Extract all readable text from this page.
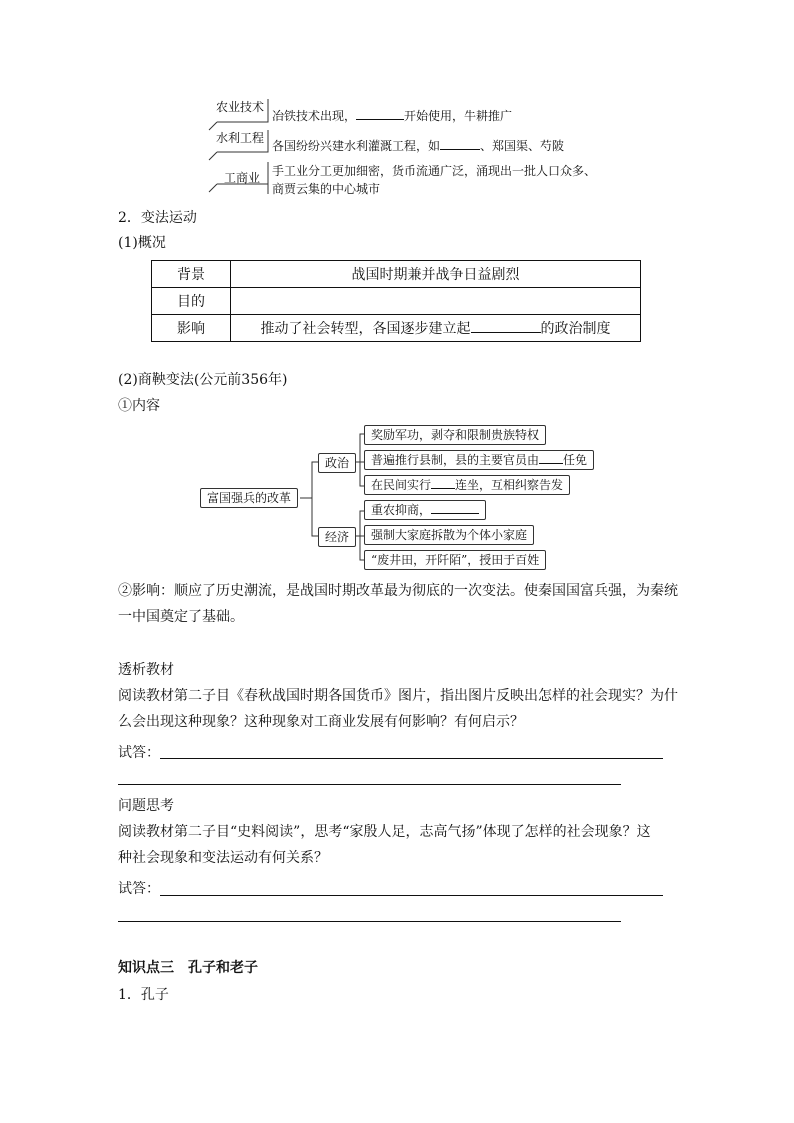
农业技术
冶铁技术出现，	开始使用，牛耕推广
水利工程
各国纷纷兴建水利灌溉工程，如	、郑国渠、芍陂
工商业 手工业分工更加细密，货币流通广泛，涌现出一批人口众多、
商贾云集的中心城市
2．变法运动
(1)概况
背景	战国时期兼并战争日益剧烈
目的	
影响	推动了社会转型，各国逐步建立起 的政治制度
(2)商鞅变法(公元前356年)
①内容
富国强兵的改革
政治
奖励军功，剥夺和限制贵族特权
普遍推行县制，县的主要官员由 任免
在民间实行 连坐，互相纠察告发
经济
重农抑商，
强制大家庭拆散为个体小家庭
“废井田，开阡陌”，授田于百姓
②影响：顺应了历史潮流，是战国时期改革最为彻底的一次变法。使秦国国富兵强，为秦统
一中国奠定了基础。
透析教材
阅读教材第二子目《春秋战国时期各国货币》图片，指出图片反映出怎样的社会现实？为什
么会出现这种现象？这种现象对工商业发展有何影响？有何启示？
试答：
问题思考
阅读教材第二子目“史料阅读”，思考“家殷人足，志高气扬”体现了怎样的社会现象？这
种社会现象和变法运动有何关系？
试答：
知识点三　孔子和老子
1．孔子
